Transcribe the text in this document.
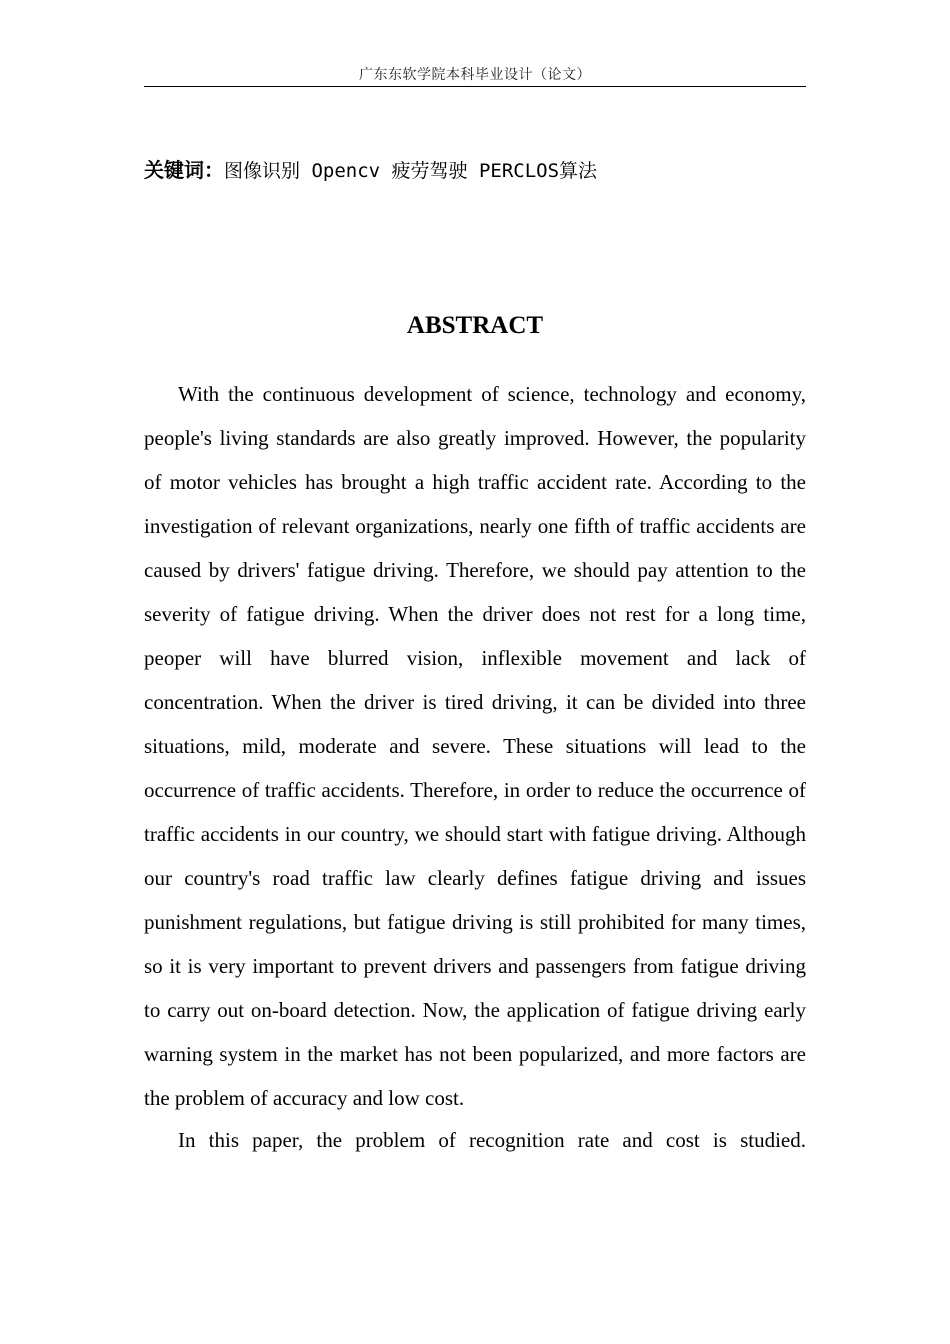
广东东软学院本科毕业设计（论文）
关键词：图像识别 Opencv 疲劳驾驶 PERCLOS算法
ABSTRACT

With the continuous development of science, technology and economy, people's living standards are also greatly improved. However, the popularity of motor vehicles has brought a high traffic accident rate. According to the investigation of relevant organizations, nearly one fifth of traffic accidents are caused by drivers' fatigue driving. Therefore, we should pay attention to the severity of fatigue driving. When the driver does not rest for a long time, peoper will have blurred vision, inflexible movement and lack of concentration. When the driver is tired driving, it can be divided into three situations, mild, moderate and severe. These situations will lead to the occurrence of traffic accidents. Therefore, in order to reduce the occurrence of traffic accidents in our country, we should start with fatigue driving. Although our country's road traffic law clearly defines fatigue driving and issues punishment regulations, but fatigue driving is still prohibited for many times, so it is very important to prevent drivers and passengers from fatigue driving to carry out on-board detection. Now, the application of fatigue driving early warning system in the market has not been popularized, and more factors are the problem of accuracy and low cost.

In this paper, the problem of recognition rate and cost is studied.
